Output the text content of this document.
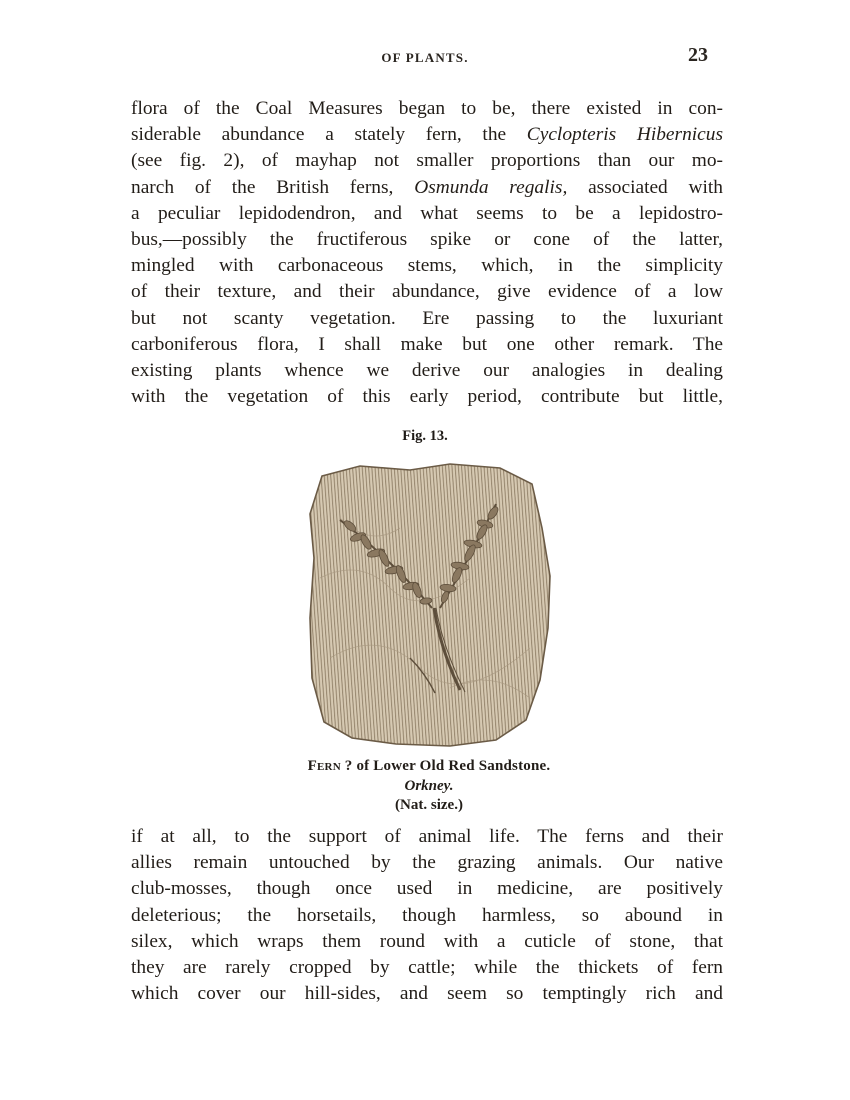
OF PLANTS.	23
flora of the Coal Measures began to be, there existed in con-
siderable abundance a stately fern, the Cyclopteris Hibernicus
(see fig. 2), of mayhap not smaller proportions than our mo-
narch of the British ferns, Osmunda regalis, associated with
a peculiar lepidodendron, and what seems to be a lepidostro-
bus,—possibly the fructiferous spike or cone of the latter,
mingled with carbonaceous stems, which, in the simplicity
of their texture, and their abundance, give evidence of a low
but not scanty vegetation. Ere passing to the luxuriant
carboniferous flora, I shall make but one other remark. The
existing plants whence we derive our analogies in dealing
with the vegetation of this early period, contribute but little,
Fig. 13.
Fern ? of Lower Old Red Sandstone.
Orkney.
(Nat. size.)
if at all, to the support of animal life. The ferns and their
allies remain untouched by the grazing animals. Our native
club-mosses, though once used in medicine, are positively
deleterious; the horsetails, though harmless, so abound in
silex, which wraps them round with a cuticle of stone, that
they are rarely cropped by cattle; while the thickets of fern
which cover our hill-sides, and seem so temptingly rich and
